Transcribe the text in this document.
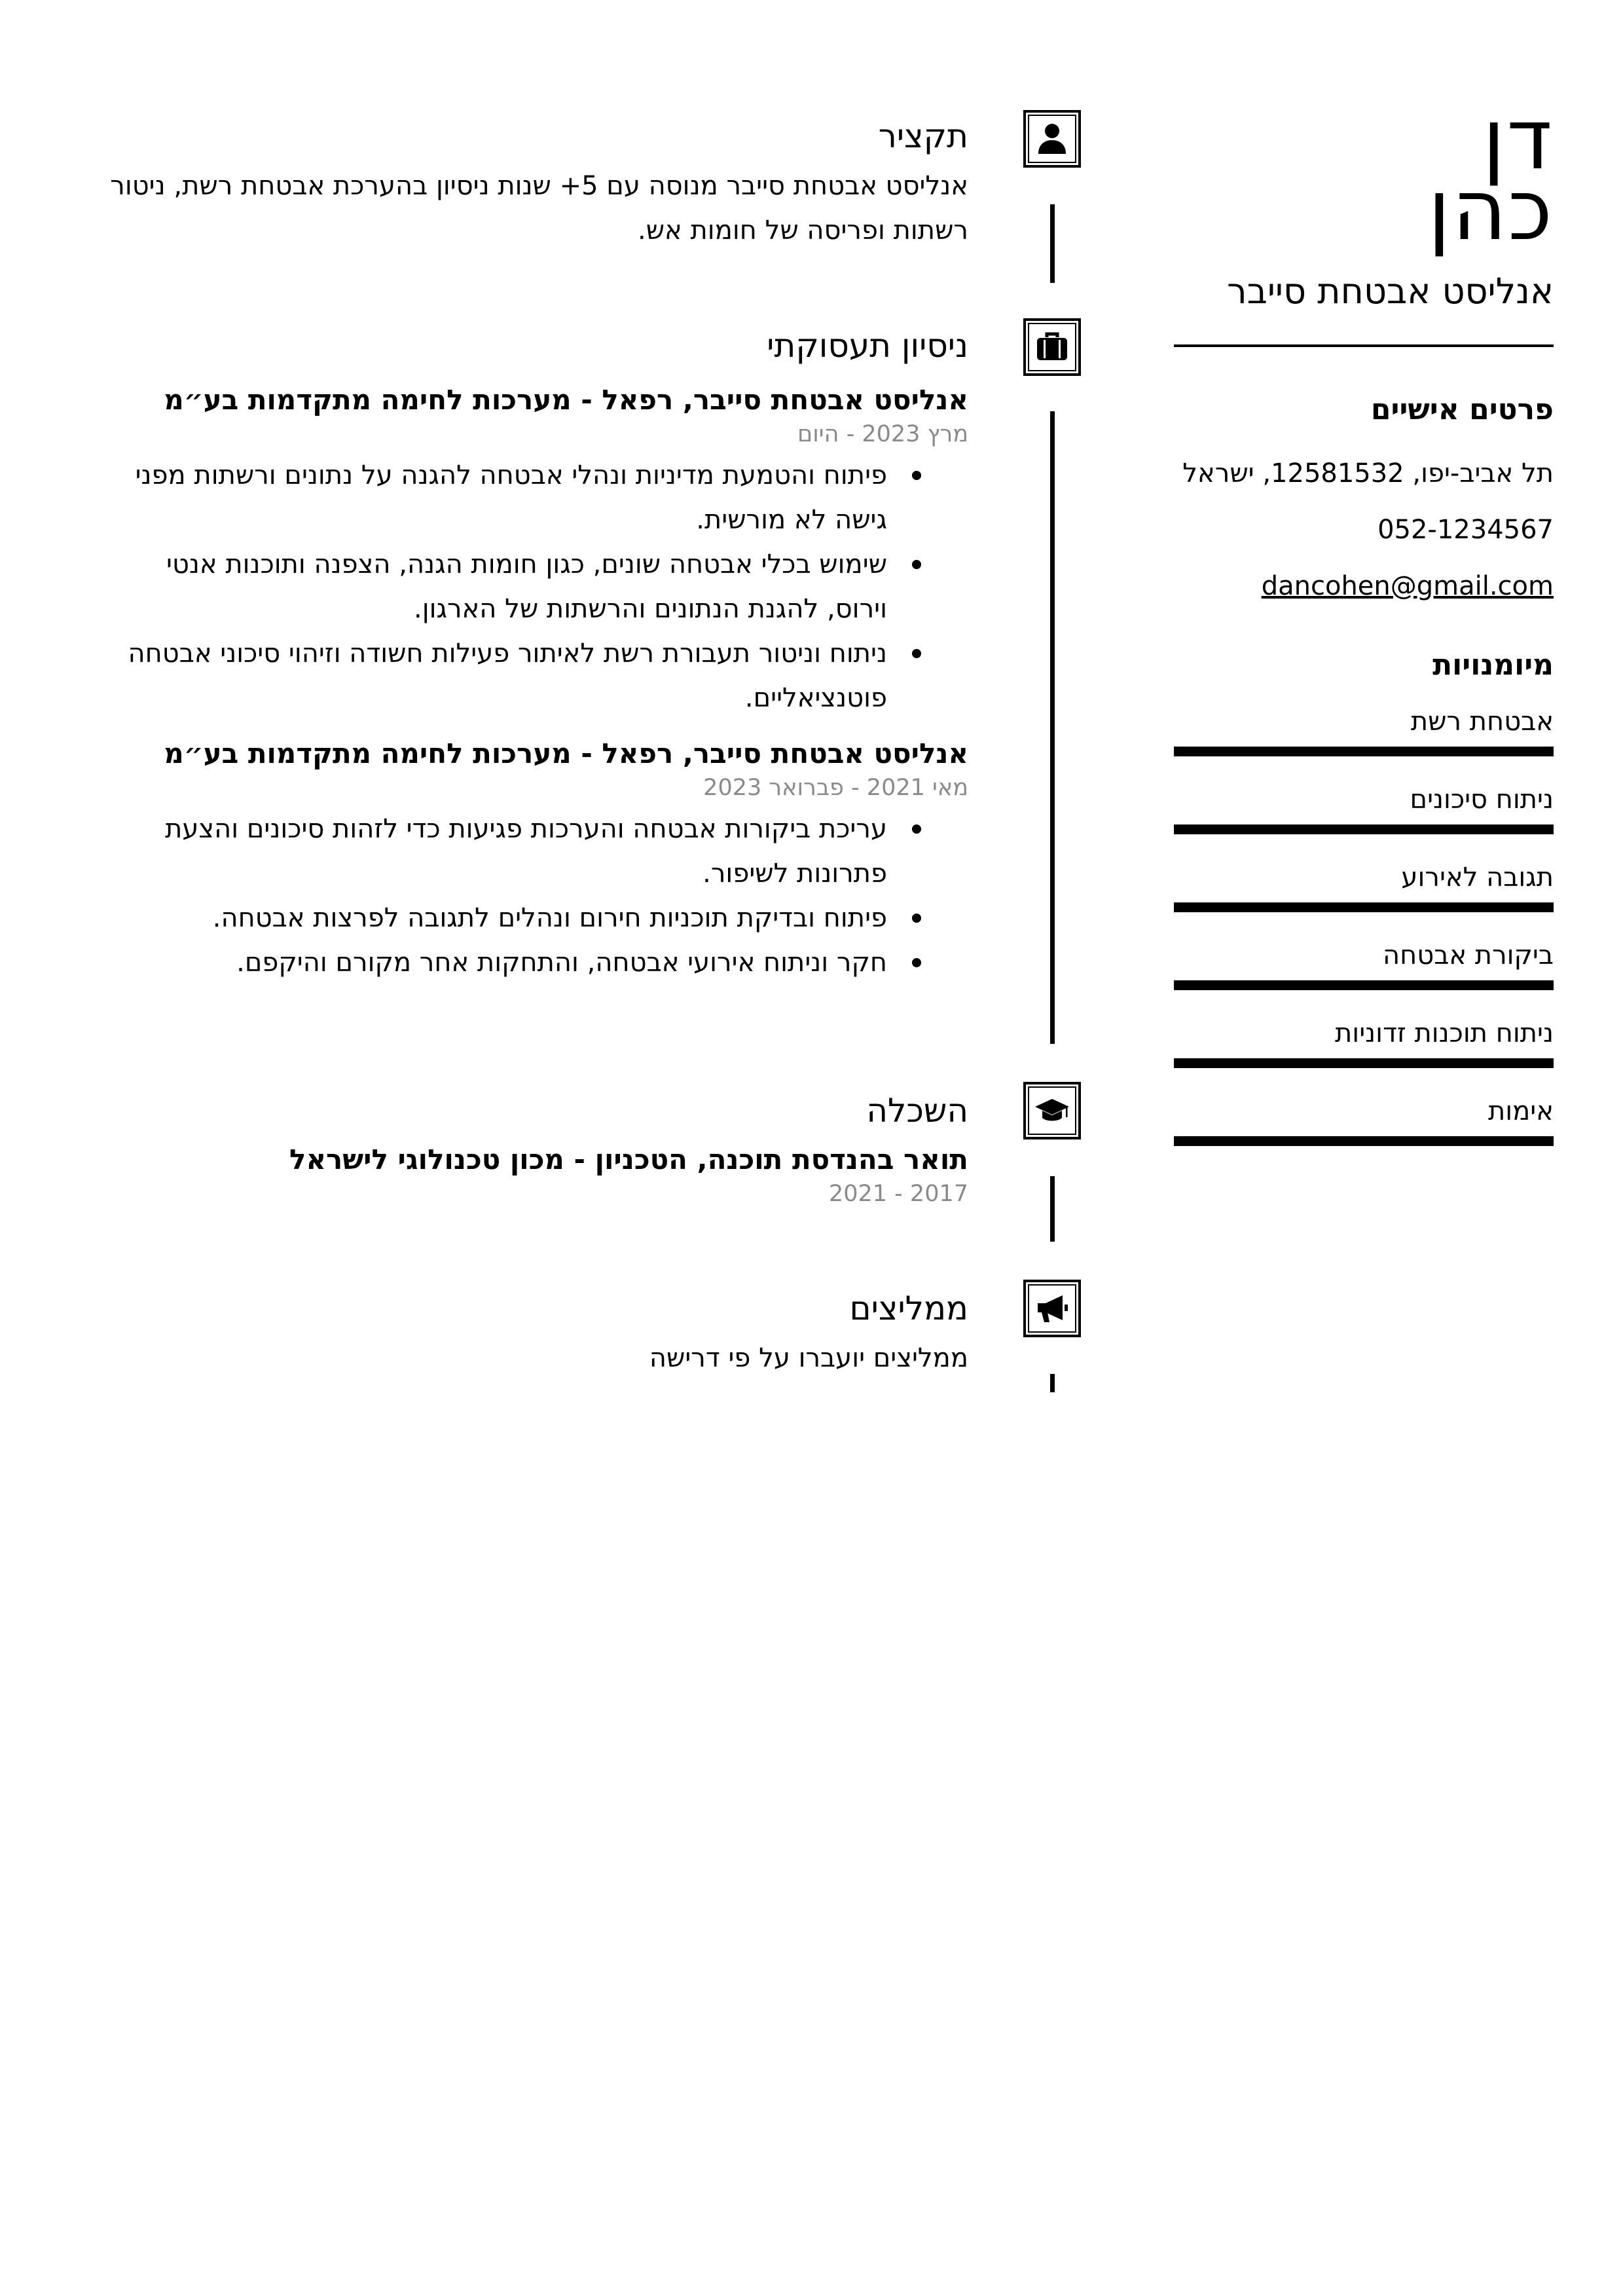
דן
כהן
אנליסט אבטחת סייבר
פרטים אישיים
תל אביב-יפו, 12581532, ישראל
052-1234567
dancohen@gmail.com
מיומנויות
אבטחת רשת
ניתוח סיכונים
תגובה לאירוע
ביקורת אבטחה
ניתוח תוכנות זדוניות
אימות
תקציר
אנליסט אבטחת סייבר מנוסה עם 5+ שנות ניסיון בהערכת אבטחת רשת, ניטור רשתות ופריסה של חומות אש.
ניסיון תעסוקתי
אנליסט אבטחת סייבר, רפאל - מערכות לחימה מתקדמות בע״מ
מרץ 2023 - היום
פיתוח והטמעת מדיניות ונהלי אבטחה להגנה על נתונים ורשתות מפני גישה לא מורשית.
שימוש בכלי אבטחה שונים, כגון חומות הגנה, הצפנה ותוכנות אנטי וירוס, להגנת הנתונים והרשתות של הארגון.
ניתוח וניטור תעבורת רשת לאיתור פעילות חשודה וזיהוי סיכוני אבטחה פוטנציאליים.
אנליסט אבטחת סייבר, רפאל - מערכות לחימה מתקדמות בע״מ
מאי 2021 - פברואר 2023
עריכת ביקורות אבטחה והערכות פגיעות כדי לזהות סיכונים והצעת פתרונות לשיפור.
פיתוח ובדיקת תוכניות חירום ונהלים לתגובה לפרצות אבטחה.
חקר וניתוח אירועי אבטחה, והתחקות אחר מקורם והיקפם.
השכלה
תואר בהנדסת תוכנה, הטכניון - מכון טכנולוגי לישראל
2017 - 2021
ממליצים
ממליצים יועברו על פי דרישה
